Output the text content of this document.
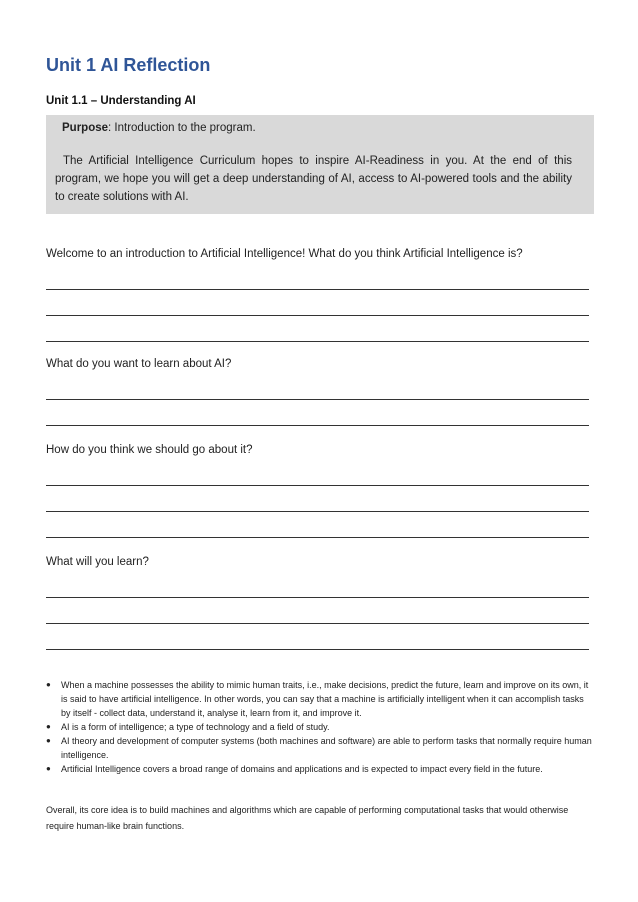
Unit 1 AI Reflection
Unit 1.1 – Understanding AI
Purpose: Introduction to the program.
The Artificial Intelligence Curriculum hopes to inspire AI-Readiness in you. At the end of this program, we hope you will get a deep understanding of AI, access to AI-powered tools and the ability to create solutions with AI.
Welcome to an introduction to Artificial Intelligence! What do you think Artificial Intelligence is?
What do you want to learn about AI?
How do you think we should go about it?
What will you learn?
● When a machine possesses the ability to mimic human traits, i.e., make decisions, predict the future, learn and improve on its own, it is said to have artificial intelligence. In other words, you can say that a machine is artificially intelligent when it can accomplish tasks by itself - collect data, understand it, analyse it, learn from it, and improve it.
● AI is a form of intelligence; a type of technology and a field of study.
● AI theory and development of computer systems (both machines and software) are able to perform tasks that normally require human intelligence.
● Artificial Intelligence covers a broad range of domains and applications and is expected to impact every field in the future.
Overall, its core idea is to build machines and algorithms which are capable of performing computational tasks that would otherwise require human-like brain functions.
